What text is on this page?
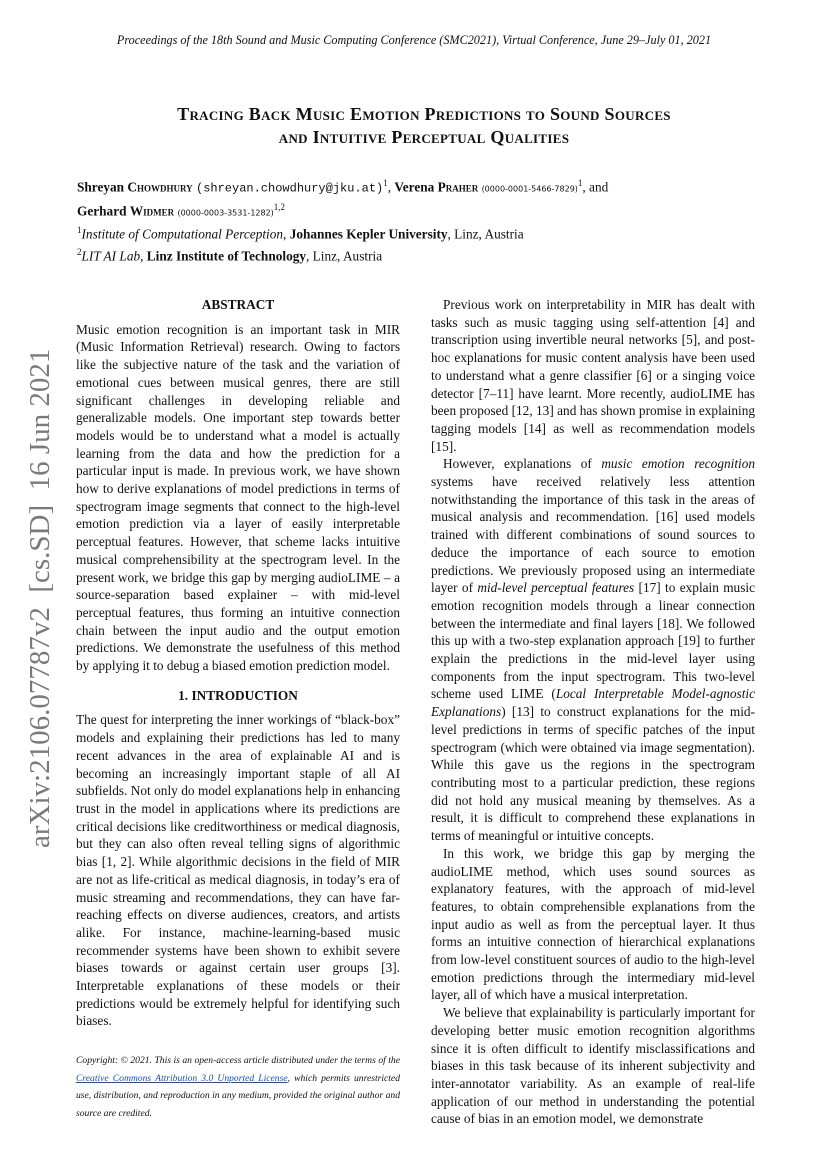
Proceedings of the 18th Sound and Music Computing Conference (SMC2021), Virtual Conference, June 29–July 01, 2021
Tracing Back Music Emotion Predictions to Sound Sources
and Intuitive Perceptual Qualities
Shreyan Chowdhury (shreyan.chowdhury@jku.at)$^1$, Verena Praher $(0000-0001-5466-7829)^1$, and
Gerhard Widmer $(0000-0003-3531-1282)^{1,2}$
$^1$Institute of Computational Perception, Johannes Kepler University, Linz, Austria
$^2$LIT AI Lab, Linz Institute of Technology, Linz, Austria
arXiv:2106.07787v2  [cs.SD]  16 Jun 2021
ABSTRACT

Music emotion recognition is an important task in MIR (Music Information Retrieval) research. Owing to factors like the subjective nature of the task and the variation of emotional cues between musical genres, there are still significant challenges in developing reliable and generalizable models. One important step towards better models would be to understand what a model is actually learning from the data and how the prediction for a particular input is made. In previous work, we have shown how to derive explanations of model predictions in terms of spectrogram image segments that connect to the high-level emotion prediction via a layer of easily interpretable perceptual features. However, that scheme lacks intuitive musical comprehensibility at the spectrogram level. In the present work, we bridge this gap by merging audioLIME – a source-separation based explainer – with mid-level perceptual features, thus forming an intuitive connection chain between the input audio and the output emotion predictions. We demonstrate the usefulness of this method by applying it to debug a biased emotion prediction model.

1. INTRODUCTION

The quest for interpreting the inner workings of “black-box” models and explaining their predictions has led to many recent advances in the area of explainable AI and is becoming an increasingly important staple of all AI subfields. Not only do model explanations help in enhancing trust in the model in applications where its predictions are critical decisions like creditworthiness or medical diagnosis, but they can also often reveal telling signs of algorithmic bias [1, 2]. While algorithmic decisions in the field of MIR are not as life-critical as medical diagnosis, in today’s era of music streaming and recommendations, they can have far-reaching effects on diverse audiences, creators, and artists alike. For instance, machine-learning-based music recommender systems have been shown to exhibit severe biases towards or against certain user groups [3]. Interpretable explanations of these models or their predictions would be extremely helpful for identifying such biases.

Copyright: © 2021. This is an open-access article distributed under the terms of the Creative Commons Attribution 3.0 Unported License, which permits unrestricted use, distribution, and reproduction in any medium, provided the original author and source are credited.

Previous work on interpretability in MIR has dealt with tasks such as music tagging using self-attention [4] and transcription using invertible neural networks [5], and post-hoc explanations for music content analysis have been used to understand what a genre classifier [6] or a singing voice detector [7–11] have learnt. More recently, audioLIME has been proposed [12, 13] and has shown promise in explaining tagging models [14] as well as recommendation models [15].

However, explanations of music emotion recognition systems have received relatively less attention notwithstanding the importance of this task in the areas of musical analysis and recommendation. [16] used models trained with different combinations of sound sources to deduce the importance of each source to emotion predictions. We previously proposed using an intermediate layer of mid-level perceptual features [17] to explain music emotion recognition models through a linear connection between the intermediate and final layers [18]. We followed this up with a two-step explanation approach [19] to further explain the predictions in the mid-level layer using components from the input spectrogram. This two-level scheme used LIME (Local Interpretable Model-agnostic Explanations) [13] to construct explanations for the mid-level predictions in terms of specific patches of the input spectrogram (which were obtained via image segmentation). While this gave us the regions in the spectrogram contributing most to a particular prediction, these regions did not hold any musical meaning by themselves. As a result, it is difficult to comprehend these explanations in terms of meaningful or intuitive concepts.

In this work, we bridge this gap by merging the audioLIME method, which uses sound sources as explanatory features, with the approach of mid-level features, to obtain comprehensible explanations from the input audio as well as from the perceptual layer. It thus forms an intuitive connection of hierarchical explanations from low-level constituent sources of audio to the high-level emotion predictions through the intermediary mid-level layer, all of which have a musical interpretation.

We believe that explainability is particularly important for developing better music emotion recognition algorithms since it is often difficult to identify misclassifications and biases in this task because of its inherent subjectivity and inter-annotator variability. As an example of real-life application of our method in understanding the potential cause of bias in an emotion model, we demonstrate
